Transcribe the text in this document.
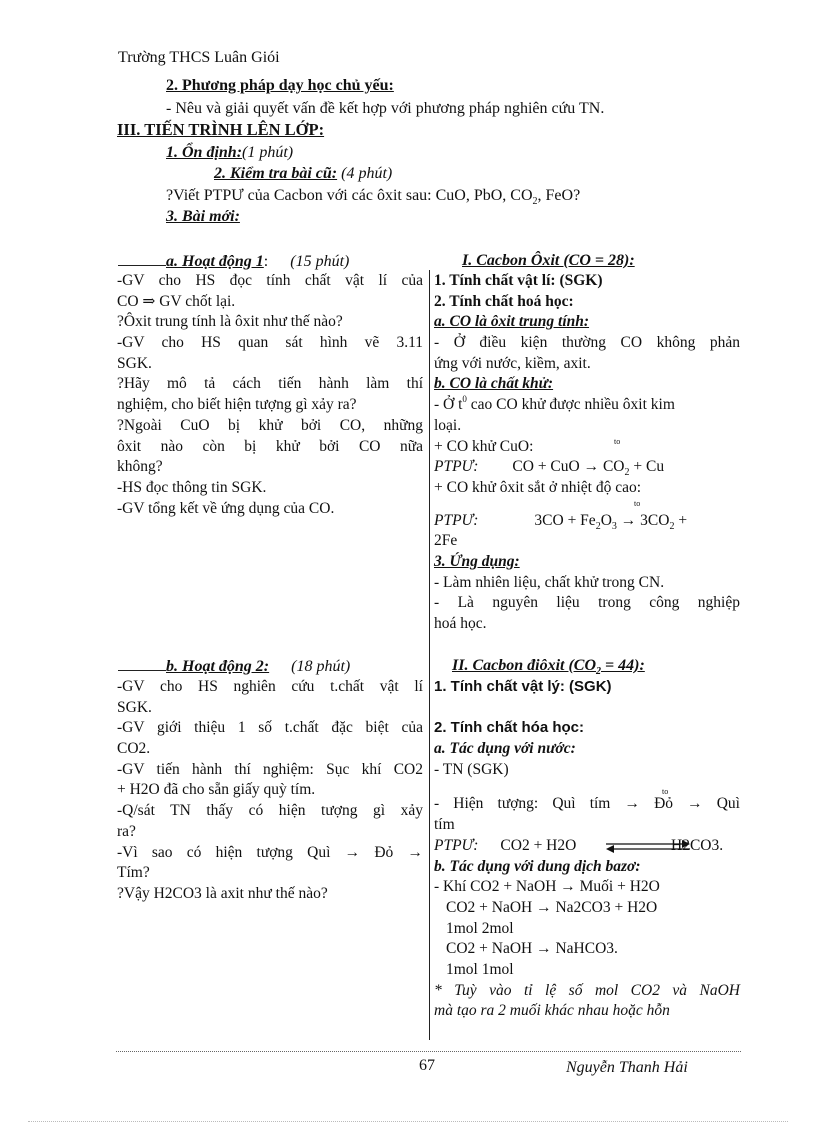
Trường THCS Luân Giói
2. Phương pháp dạy học chủ yếu:
- Nêu và giải quyết vấn đề kết hợp với phương pháp nghiên cứu TN.
III. TIẾN TRÌNH LÊN LỚP:
1. Ổn định:(1 phút)
2. Kiểm tra bài cũ: (4 phút)
?Viết PTPƯ của Cacbon với các ôxit sau: CuO, PbO, $CO_2$, FeO?
3. Bài mới:
a. Hoạt động 1: (15 phút)	I. Cacbon Ôxit (CO = 28):
-GV cho HS đọc tính chất vật lí của
CO ⇒ GV chốt lại.
?Ôxit trung tính là ôxit như thế nào?
-GV cho HS quan sát hình vẽ 3.11
SGK.
?Hãy mô tả cách tiến hành làm thí
nghiệm, cho biết hiện tượng gì xảy ra?
?Ngoài CuO bị khử bởi CO, những
ôxit nào còn bị khử bởi CO nữa
không?
-HS đọc thông tin SGK.
-GV tổng kết về ứng dụng của CO.
1. Tính chất vật lí: (SGK)
2. Tính chất hoá học:
a. CO là ôxit trung tính:
- Ở điều kiện thường CO không phản
ứng với nước, kiềm, axit.
b. CO là chất khử:
- Ở $t^0$ cao CO khử được nhiều ôxit kim
loại.
+ CO khử CuO:	to
PTPƯ: CO + CuO → $CO_2 + Cu$
+ CO khử ôxit sắt ở nhiệt độ cao:
to
PTPƯ:	$3CO + Fe_2O_3 \to 3CO_2$ +
2Fe
3. Ứng dụng:
- Làm nhiên liệu, chất khử trong CN.
- Là nguyên liệu trong công nghiệp
hoá học.
b. Hoạt động 2: (18 phút)	II. Cacbon điôxit $(CO_2 = 44)$:
-GV cho HS nghiên cứu t.chất vật lí
SGK.
-GV giới thiệu 1 số t.chất đặc biệt của
CO2.
-GV tiến hành thí nghiệm: Sục khí CO2
+ H2O đã cho sẵn giấy quỳ tím.
-Q/sát TN thấy có hiện tượng gì xảy
ra?
-Vì sao có hiện tượng Quì → Đỏ →
Tím?
?Vậy H2CO3 là axit như thế nào?
1. Tính chất vật lý: (SGK)
2. Tính chất hóa học:
a. Tác dụng với nước:
- TN (SGK)
to
- Hiện tượng: Quì tím → Đỏ → Quì
tím
PTPƯ: CO2 + H2O	H2CO3.
b. Tác dụng với dung dịch bazơ:
- Khí CO2 + NaOH → Muối + H2O
CO2 + NaOH → Na2CO3 + H2O
1mol 2mol
CO2 + NaOH → NaHCO3.
1mol 1mol
* Tuỳ vào tỉ lệ số mol CO2 và NaOH
mà tạo ra 2 muối khác nhau hoặc hỗn
67	Nguyễn Thanh Hải
